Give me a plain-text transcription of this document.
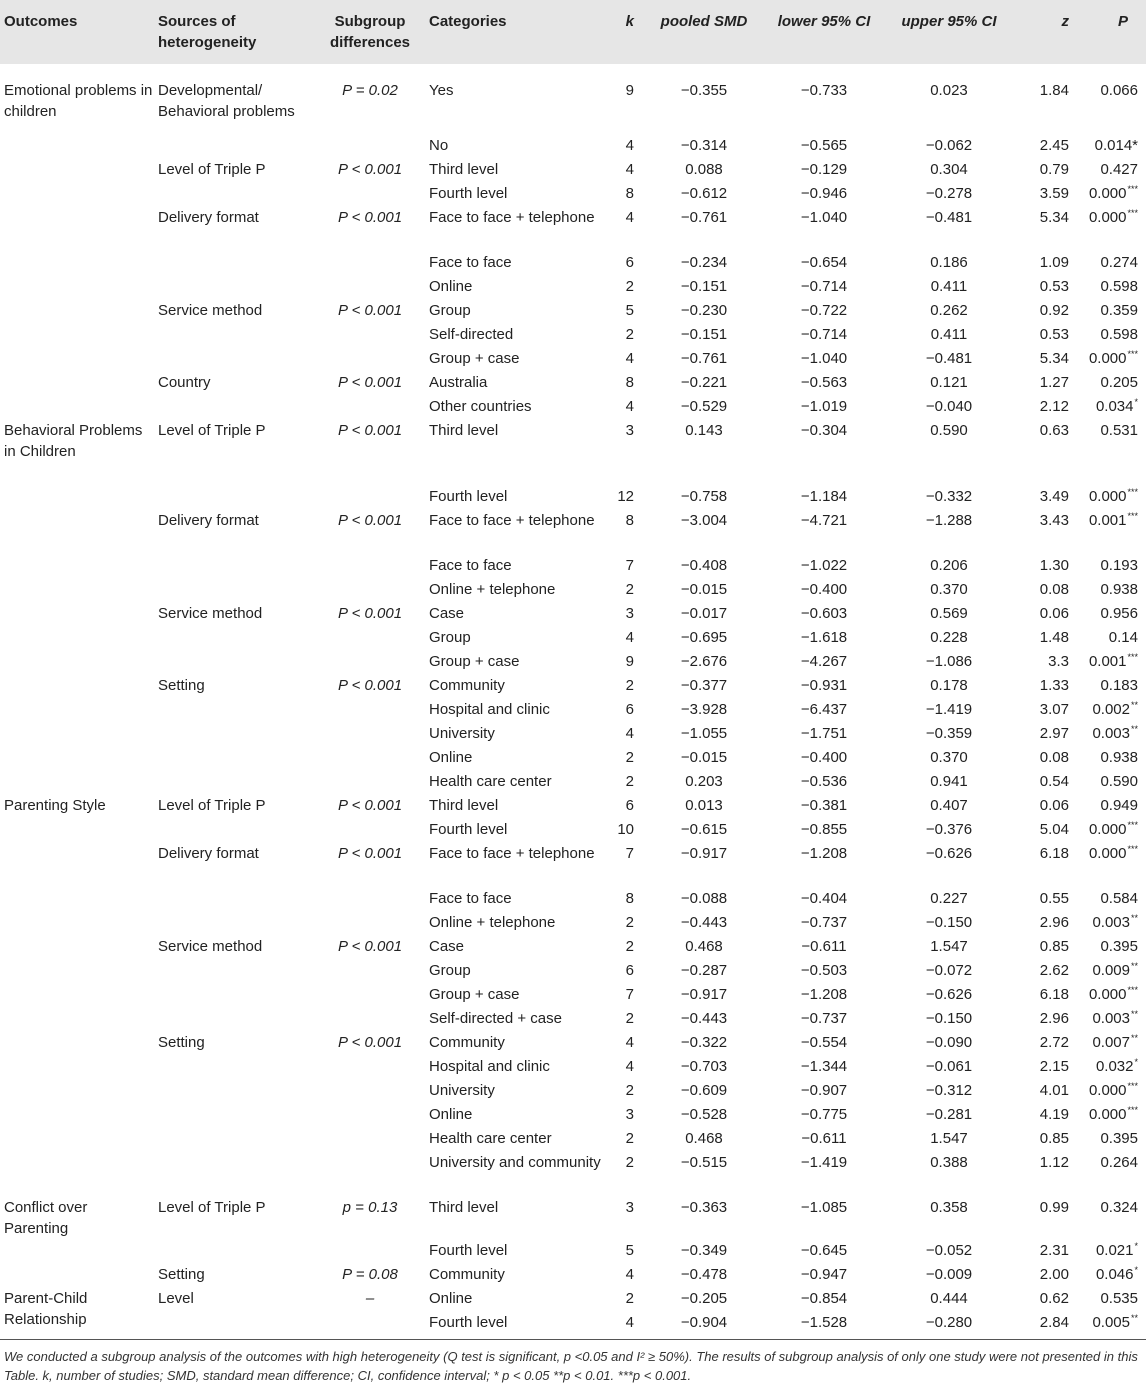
Outcomes	Sources of heterogeneity	Subgroup differences	Categories	k	pooled SMD	lower 95% CI	upper 95% CI	z	P
Emotional problems in children	Developmental/ Behavioral problems	P = 0.02	Yes	9	−0.355	−0.733	0.023	1.84	0.066
			No	4	−0.314	−0.565	−0.062	2.45	0.014*
	Level of Triple P	P < 0.001	Third level	4	0.088	−0.129	0.304	0.79	0.427
			Fourth level	8	−0.612	−0.946	−0.278	3.59	0.000***
	Delivery format	P < 0.001	Face to face + telephone	4	−0.761	−1.040	−0.481	5.34	0.000***
			Face to face	6	−0.234	−0.654	0.186	1.09	0.274
			Online	2	−0.151	−0.714	0.411	0.53	0.598
	Service method	P < 0.001	Group	5	−0.230	−0.722	0.262	0.92	0.359
			Self-directed	2	−0.151	−0.714	0.411	0.53	0.598
			Group + case	4	−0.761	−1.040	−0.481	5.34	0.000***
	Country	P < 0.001	Australia	8	−0.221	−0.563	0.121	1.27	0.205
			Other countries	4	−0.529	−1.019	−0.040	2.12	0.034*
Behavioral Problems in Children	Level of Triple P	P < 0.001	Third level	3	0.143	−0.304	0.590	0.63	0.531
			Fourth level	12	−0.758	−1.184	−0.332	3.49	0.000***
	Delivery format	P < 0.001	Face to face + telephone	8	−3.004	−4.721	−1.288	3.43	0.001***
			Face to face	7	−0.408	−1.022	0.206	1.30	0.193
			Online + telephone	2	−0.015	−0.400	0.370	0.08	0.938
	Service method	P < 0.001	Case	3	−0.017	−0.603	0.569	0.06	0.956
			Group	4	−0.695	−1.618	0.228	1.48	0.14
			Group + case	9	−2.676	−4.267	−1.086	3.3	0.001***
	Setting	P < 0.001	Community	2	−0.377	−0.931	0.178	1.33	0.183
			Hospital and clinic	6	−3.928	−6.437	−1.419	3.07	0.002**
			University	4	−1.055	−1.751	−0.359	2.97	0.003**
			Online	2	−0.015	−0.400	0.370	0.08	0.938
			Health care center	2	0.203	−0.536	0.941	0.54	0.590
Parenting Style	Level of Triple P	P < 0.001	Third level	6	0.013	−0.381	0.407	0.06	0.949
			Fourth level	10	−0.615	−0.855	−0.376	5.04	0.000***
	Delivery format	P < 0.001	Face to face + telephone	7	−0.917	−1.208	−0.626	6.18	0.000***
			Face to face	8	−0.088	−0.404	0.227	0.55	0.584
			Online + telephone	2	−0.443	−0.737	−0.150	2.96	0.003**
	Service method	P < 0.001	Case	2	0.468	−0.611	1.547	0.85	0.395
			Group	6	−0.287	−0.503	−0.072	2.62	0.009**
			Group + case	7	−0.917	−1.208	−0.626	6.18	0.000***
			Self-directed + case	2	−0.443	−0.737	−0.150	2.96	0.003**
	Setting	P < 0.001	Community	4	−0.322	−0.554	−0.090	2.72	0.007**
			Hospital and clinic	4	−0.703	−1.344	−0.061	2.15	0.032*
			University	2	−0.609	−0.907	−0.312	4.01	0.000***
			Online	3	−0.528	−0.775	−0.281	4.19	0.000***
			Health care center	2	0.468	−0.611	1.547	0.85	0.395
			University and community	2	−0.515	−1.419	0.388	1.12	0.264
Conflict over Parenting	Level of Triple P	p = 0.13	Third level	3	−0.363	−1.085	0.358	0.99	0.324
			Fourth level	5	−0.349	−0.645	−0.052	2.31	0.021*
	Setting	P = 0.08	Community	4	−0.478	−0.947	−0.009	2.00	0.046*

Parent-Child Relationship	Level	–	Online	2	−0.205	−0.854	0.444	0.62	0.535
			Fourth level	4	−0.904	−1.528	−0.280	2.84	0.005**
We conducted a subgroup analysis of the outcomes with high heterogeneity (Q test is significant, p <0.05 and I² ≥ 50%). The results of subgroup analysis of only one study were not presented in this Table. k, number of studies; SMD, standard mean difference; CI, confidence interval; * p < 0.05 **p < 0.01. ***p < 0.001.
